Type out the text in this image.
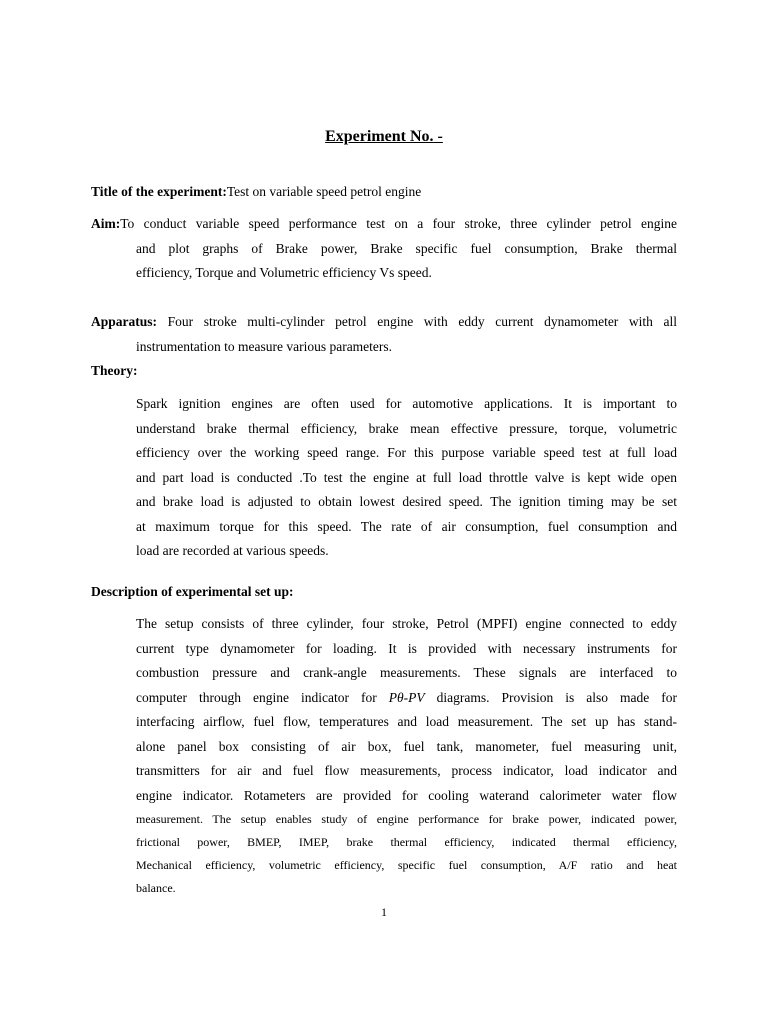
Experiment No. -
Title of the experiment:Test on variable speed petrol engine
Aim:To conduct variable speed performance test on a four stroke, three cylinder petrol engine
and plot graphs of Brake power, Brake specific fuel consumption, Brake thermal
efficiency, Torque and Volumetric efficiency Vs speed.
Apparatus: Four stroke multi-cylinder petrol engine with eddy current dynamometer with all
instrumentation to measure various parameters.
Theory:
Spark ignition engines are often used for automotive applications. It is important to
understand brake thermal efficiency, brake mean effective pressure, torque, volumetric
efficiency over the working speed range. For this purpose variable speed test at full load
and part load is conducted .To test the engine at full load throttle valve is kept wide open
and brake load is adjusted to obtain lowest desired speed. The ignition timing may be set
at maximum torque for this speed. The rate of air consumption, fuel consumption and
load are recorded at various speeds.
Description of experimental set up:
The setup consists of three cylinder, four stroke, Petrol (MPFI) engine connected to eddy
current type dynamometer for loading. It is provided with necessary instruments for
combustion pressure and crank-angle measurements. These signals are interfaced to
computer through engine indicator for Pθ-PV diagrams. Provision is also made for
interfacing airflow, fuel flow, temperatures and load measurement. The set up has stand-
alone panel box consisting of air box, fuel tank, manometer, fuel measuring unit,
transmitters for air and fuel flow measurements, process indicator, load indicator and
engine indicator. Rotameters are provided for cooling waterand calorimeter water flow
measurement. The setup enables study of engine performance for brake power, indicated power,
frictional power, BMEP, IMEP, brake thermal efficiency, indicated thermal efficiency,
Mechanical efficiency, volumetric efficiency, specific fuel consumption, A/F ratio and heat
balance.
1
